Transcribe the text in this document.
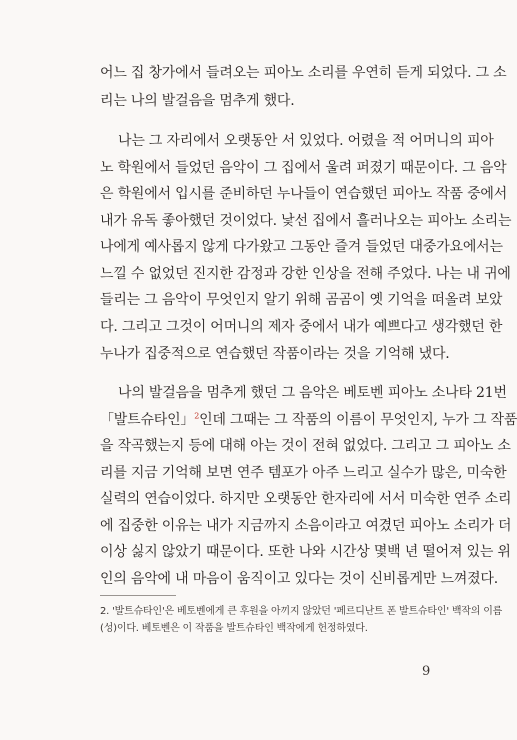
어느 집 창가에서 들려오는 피아노 소리를 우연히 듣게 되었다. 그 소
리는 나의 발걸음을 멈추게 했다.
나는 그 자리에서 오랫동안 서 있었다. 어렸을 적 어머니의 피아
노 학원에서 들었던 음악이 그 집에서 울려 퍼졌기 때문이다. 그 음악
은 학원에서 입시를 준비하던 누나들이 연습했던 피아노 작품 중에서
내가 유독 좋아했던 것이었다. 낯선 집에서 흘러나오는 피아노 소리는
나에게 예사롭지 않게 다가왔고 그동안 즐겨 들었던 대중가요에서는
느낄 수 없었던 진지한 감정과 강한 인상을 전해 주었다. 나는 내 귀에
들리는 그 음악이 무엇인지 알기 위해 곰곰이 옛 기억을 떠올려 보았
다. 그리고 그것이 어머니의 제자 중에서 내가 예쁘다고 생각했던 한
누나가 집중적으로 연습했던 작품이라는 것을 기억해 냈다.
나의 발걸음을 멈추게 했던 그 음악은 베토벤 피아노 소나타 21번
「발트슈타인」$^2$ 인데 그때는 그 작품의 이름이 무엇인지, 누가 그 작품
을 작곡했는지 등에 대해 아는 것이 전혀 없었다. 그리고 그 피아노 소
리를 지금 기억해 보면 연주 템포가 아주 느리고 실수가 많은, 미숙한
실력의 연습이었다. 하지만 오랫동안 한자리에 서서 미숙한 연주 소리
에 집중한 이유는 내가 지금까지 소음이라고 여겼던 피아노 소리가 더
이상 싫지 않았기 때문이다. 또한 나와 시간상 몇백 년 떨어져 있는 위
인의 음악에 내 마음이 움직이고 있다는 것이 신비롭게만 느껴졌다.
2. '발트슈타인'은 베토벤에게 큰 후원을 아끼지 않았던 '페르디난트 폰 발트슈타인' 백작의 이름
(성)이다. 베토벤은 이 작품을 발트슈타인 백작에게 헌정하였다.
9
